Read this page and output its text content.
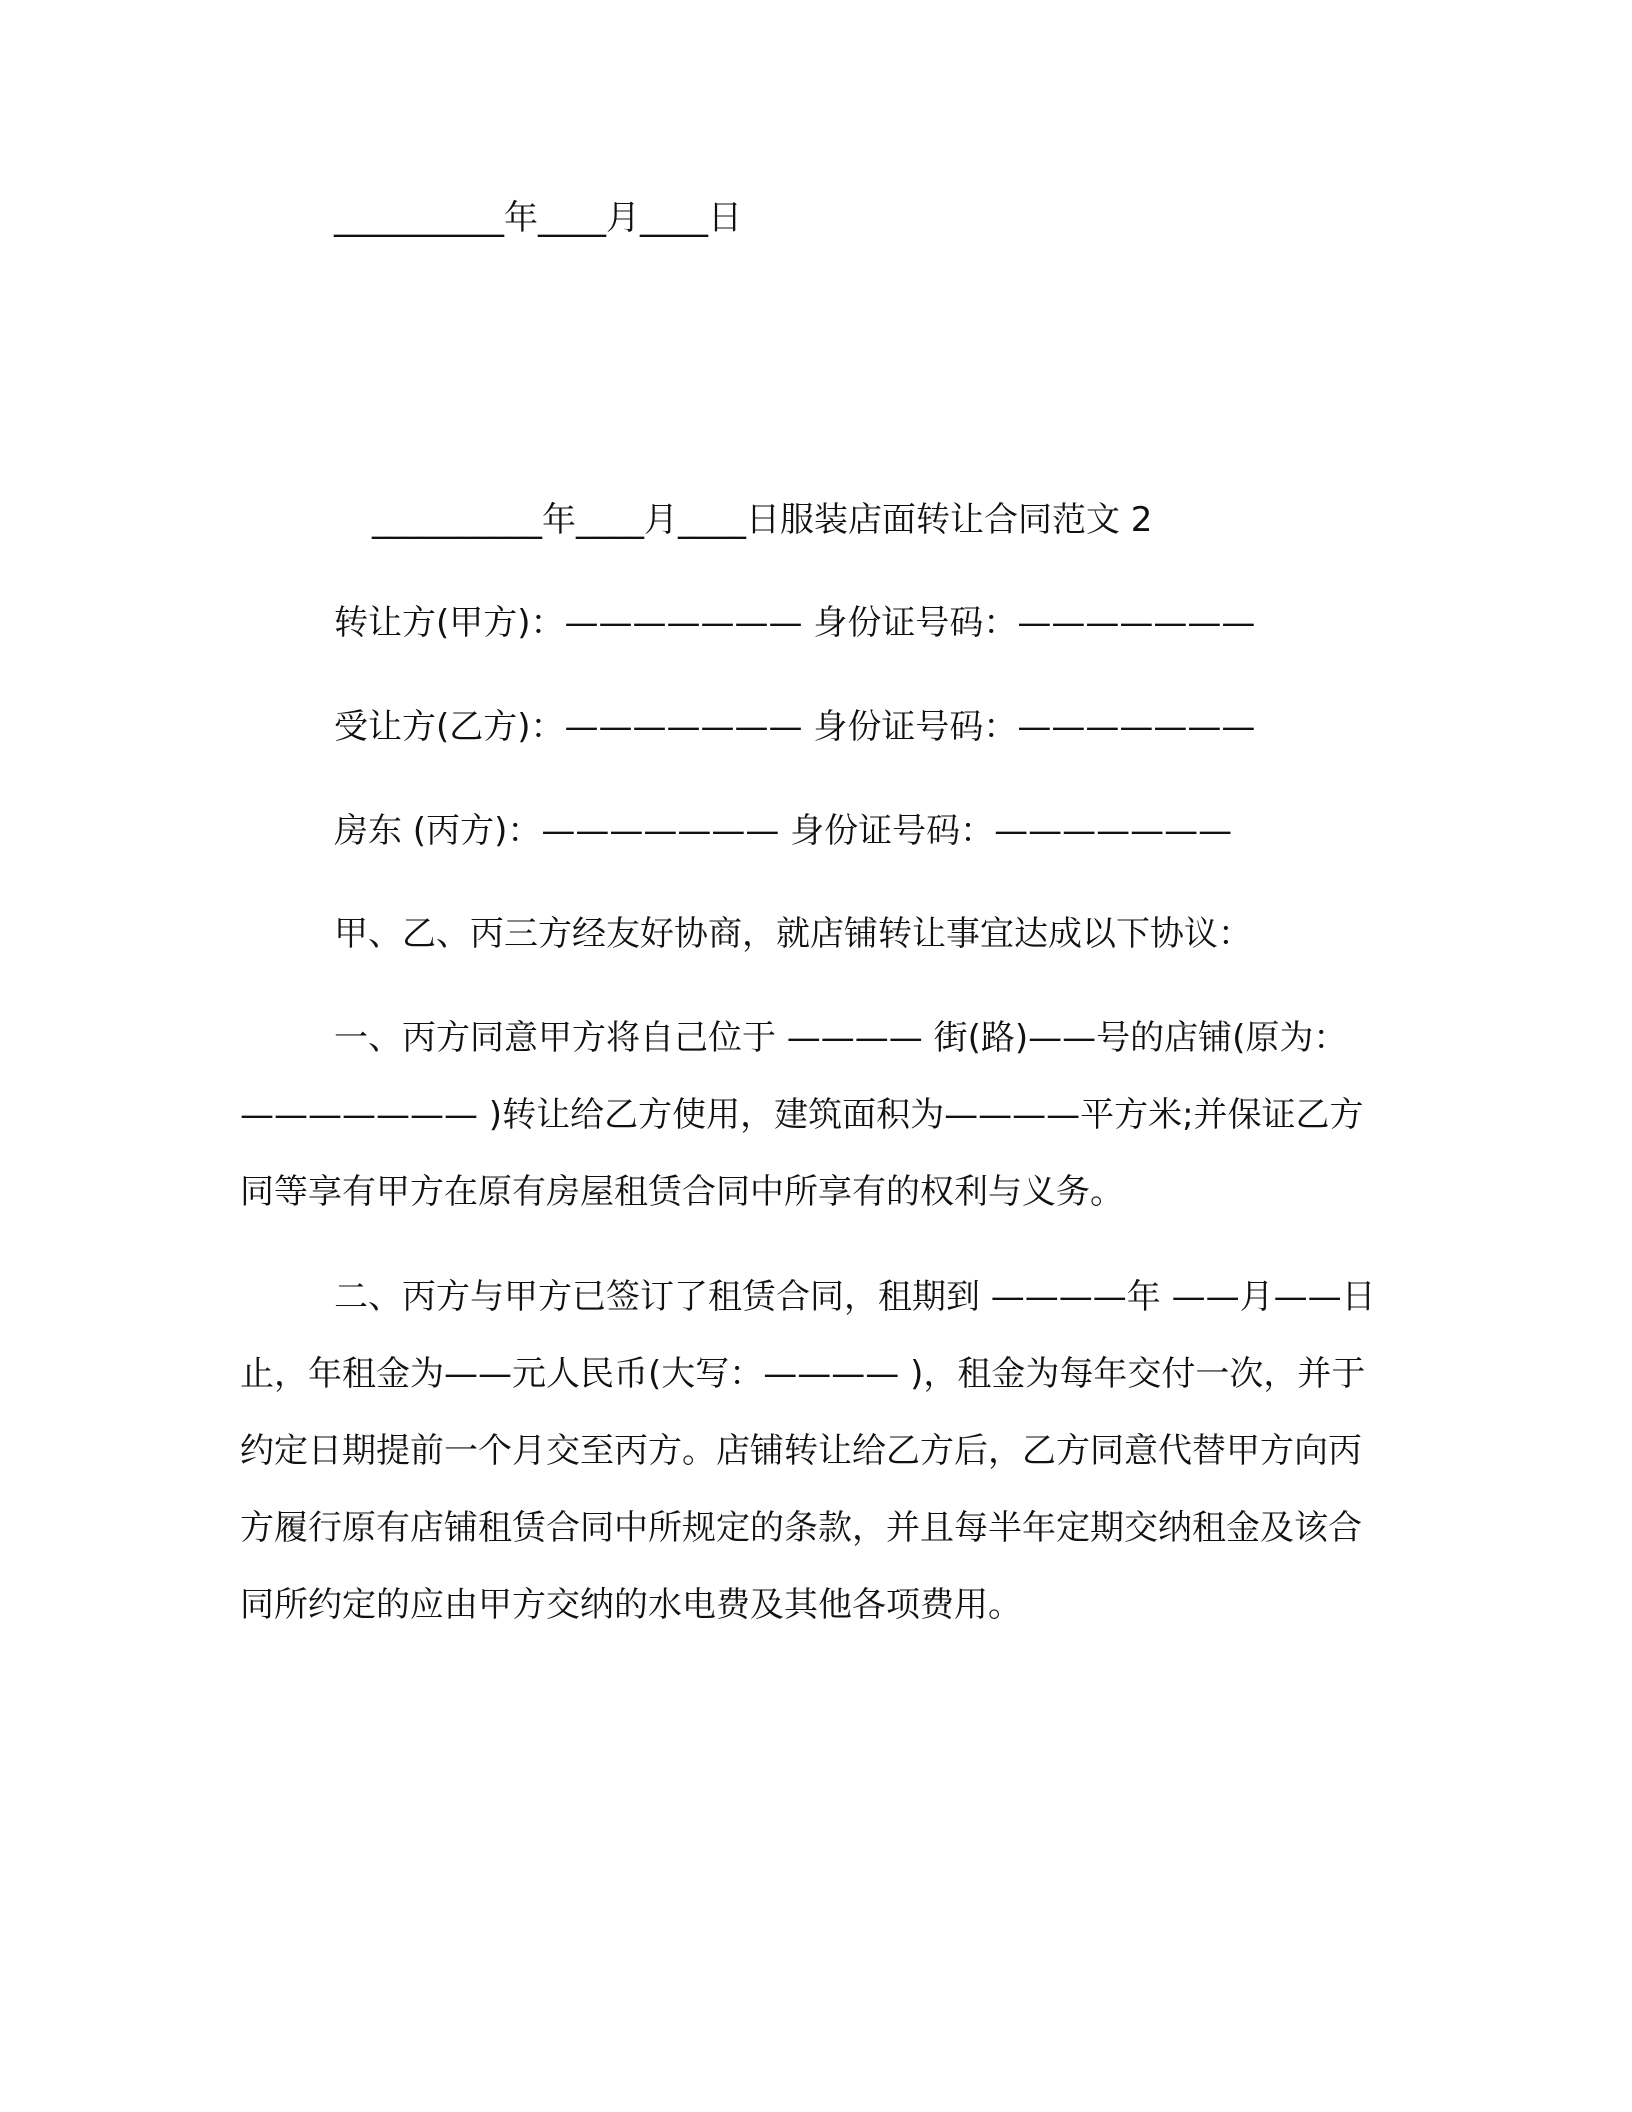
__________年____月____日
__________年____月____日服装店面转让合同范文 2
转让方(甲方)：——————— 身份证号码：———————
受让方(乙方)：——————— 身份证号码：———————
房东 (丙方)：——————— 身份证号码：———————
甲、乙、丙三方经友好协商，就店铺转让事宜达成以下协议：

一、丙方同意甲方将自己位于 ———— 街(路)——号的店铺(原为：——————— )转让给乙方使用，建筑面积为————平方米;并保证乙方同等享有甲方在原有房屋租赁合同中所享有的权利与义务。

二、丙方与甲方已签订了租赁合同，租期到 ————年 ——月——日止，年租金为——元人民币(大写：———— )，租金为每年交付一次，并于约定日期提前一个月交至丙方。店铺转让给乙方后，乙方同意代替甲方向丙方履行原有店铺租赁合同中所规定的条款，并且每半年定期交纳租金及该合同所约定的应由甲方交纳的水电费及其他各项费用。
